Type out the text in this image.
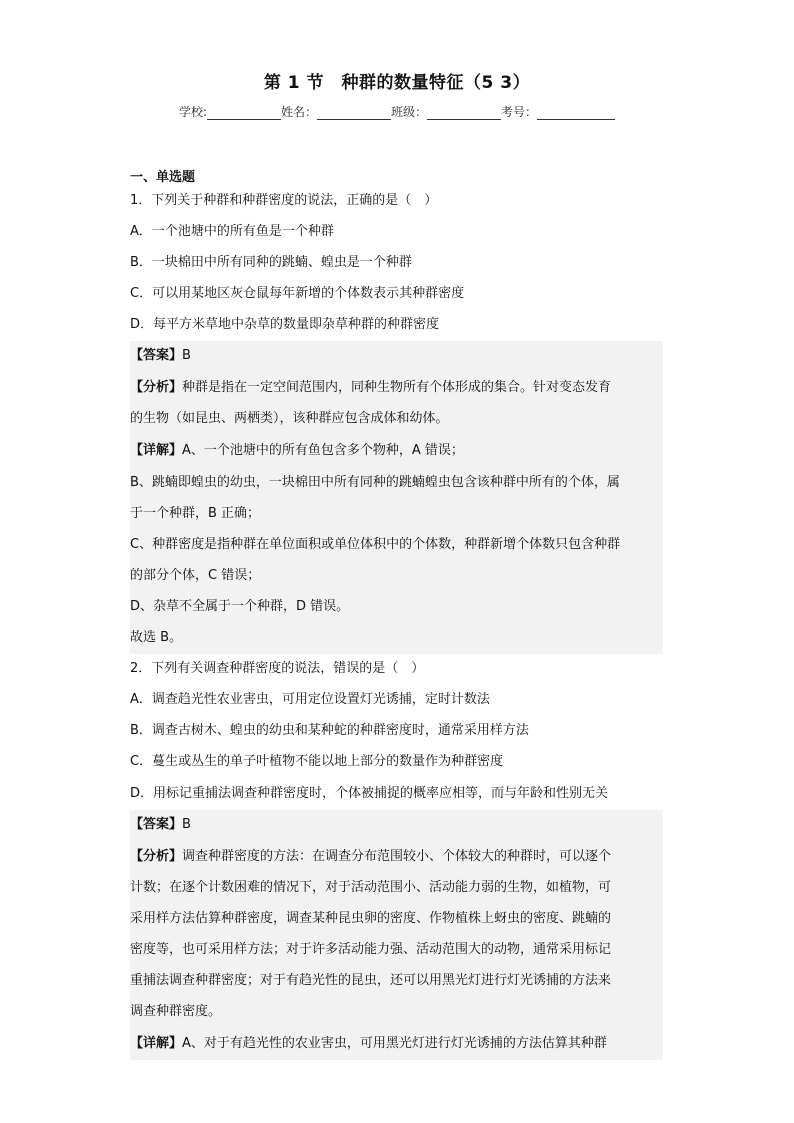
第 1 节　种群的数量特征（5 3）
学校:	姓名：	班级：	考号：
一、单选题
1．下列关于种群和种群密度的说法，正确的是（　）
A．一个池塘中的所有鱼是一个种群
B．一块棉田中所有同种的跳蝻、蝗虫是一个种群
C．可以用某地区灰仓鼠每年新增的个体数表示其种群密度
D．每平方米草地中杂草的数量即杂草种群的种群密度
【答案】B
【分析】种群是指在一定空间范围内，同种生物所有个体形成的集合。针对变态发育
的生物（如昆虫、两栖类），该种群应包含成体和幼体。
【详解】A、一个池塘中的所有鱼包含多个物种，A 错误；
B、跳蝻即蝗虫的幼虫，一块棉田中所有同种的跳蝻蝗虫包含该种群中所有的个体，属
于一个种群，B 正确；
C、种群密度是指种群在单位面积或单位体积中的个体数，种群新增个体数只包含种群
的部分个体，C 错误；
D、杂草不全属于一个种群，D 错误。
故选 B。
2．下列有关调查种群密度的说法，错误的是（　）
A．调查趋光性农业害虫，可用定位设置灯光诱捕，定时计数法
B．调查古树木、蝗虫的幼虫和某种蛇的种群密度时，通常采用样方法
C．蔓生或丛生的单子叶植物不能以地上部分的数量作为种群密度
D．用标记重捕法调查种群密度时，个体被捕捉的概率应相等，而与年龄和性别无关
【答案】B
【分析】调查种群密度的方法：在调查分布范围较小、个体较大的种群时，可以逐个
计数；在逐个计数困难的情况下，对于活动范围小、活动能力弱的生物，如植物，可
采用样方法估算种群密度，调查某种昆虫卵的密度、作物植株上蚜虫的密度、跳蝻的
密度等，也可采用样方法；对于许多活动能力强、活动范围大的动物，通常采用标记
重捕法调查种群密度；对于有趋光性的昆虫，还可以用黑光灯进行灯光诱捕的方法来
调查种群密度。
【详解】A、对于有趋光性的农业害虫，可用黑光灯进行灯光诱捕的方法估算其种群
